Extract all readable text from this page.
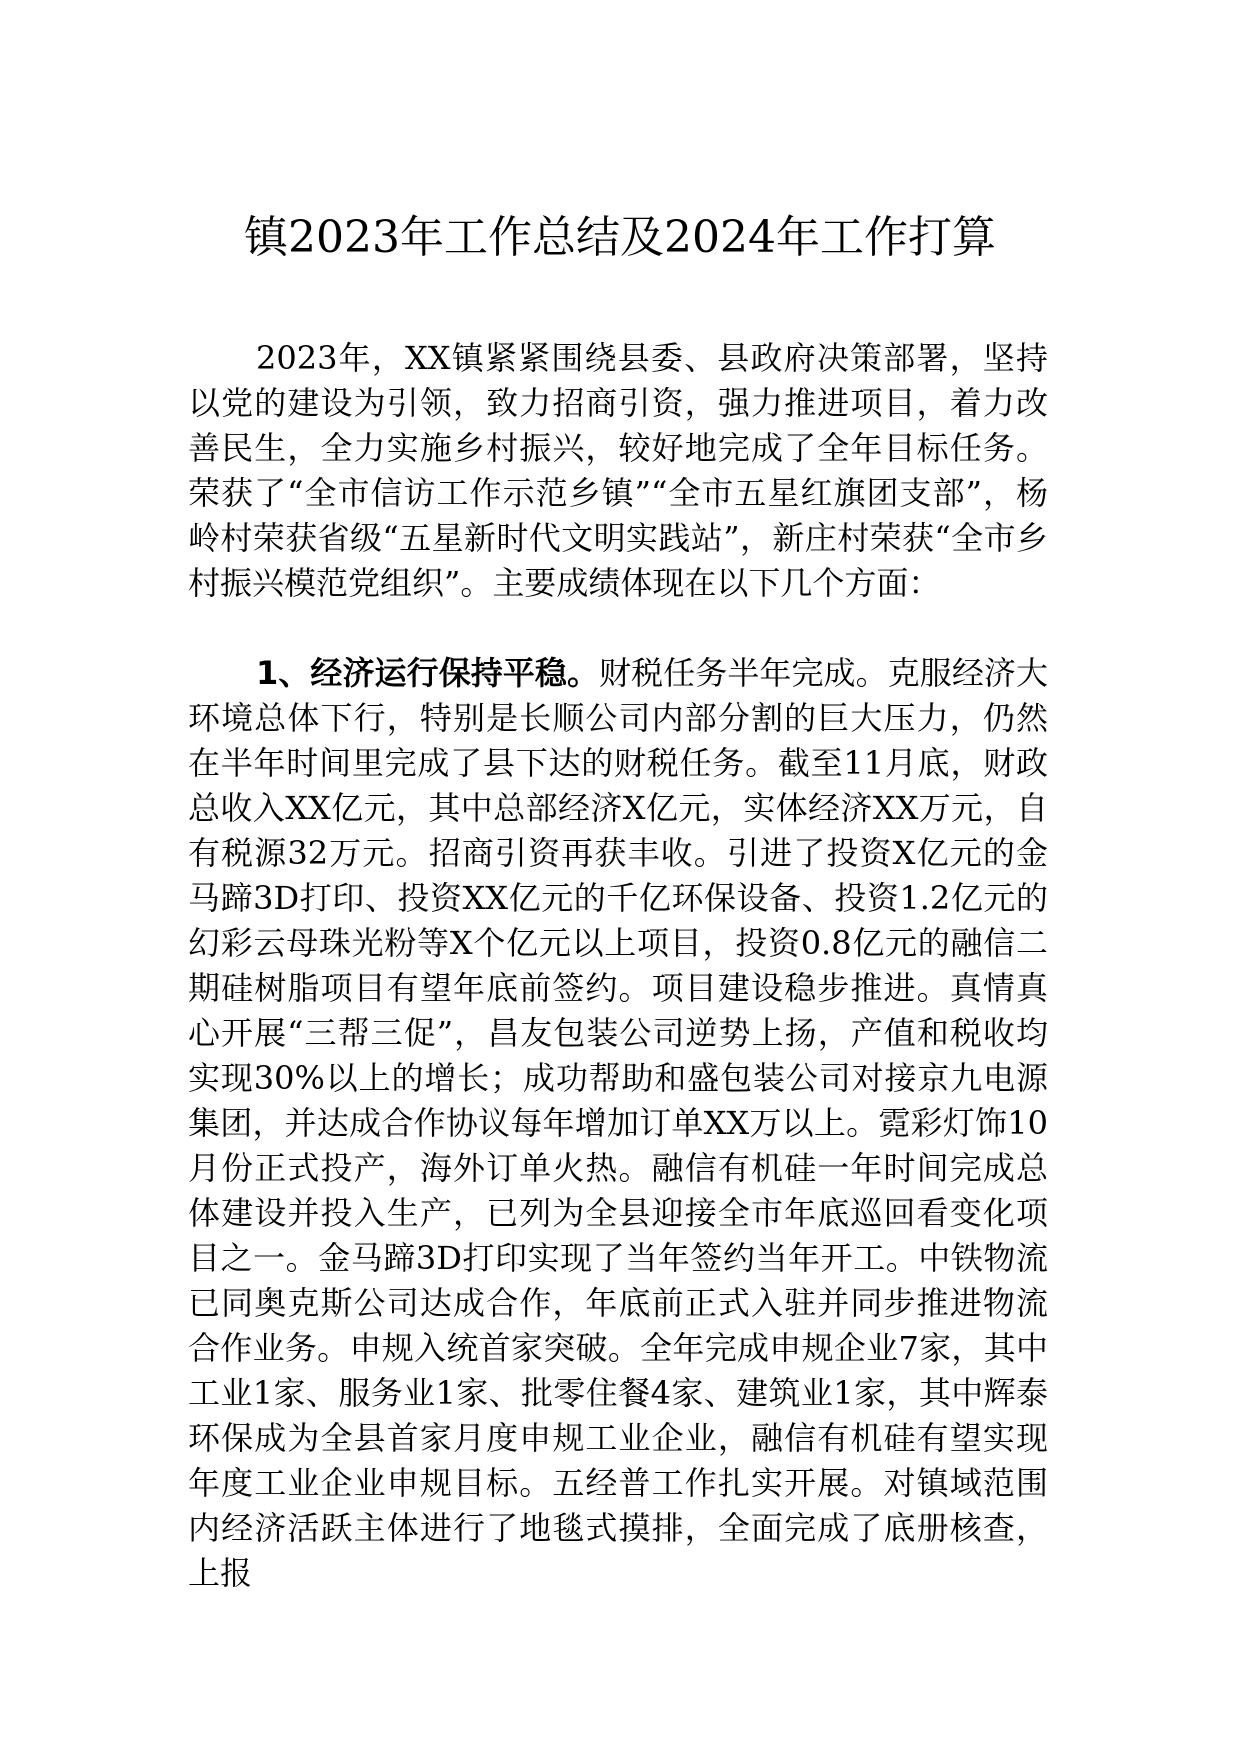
镇2023年工作总结及2024年工作打算
2023年，XX镇紧紧围绕县委、县政府决策部署，坚持以党的建设为引领，致力招商引资，强力推进项目，着力改善民生，全力实施乡村振兴，较好地完成了全年目标任务。荣获了“全市信访工作示范乡镇”“全市五星红旗团支部”，杨岭村荣获省级“五星新时代文明实践站”，新庄村荣获“全市乡村振兴模范党组织”。主要成绩体现在以下几个方面：
1、经济运行保持平稳。财税任务半年完成。克服经济大环境总体下行，特别是长顺公司内部分割的巨大压力，仍然在半年时间里完成了县下达的财税任务。截至11月底，财政总收入XX亿元，其中总部经济X亿元，实体经济XX万元，自有税源32万元。招商引资再获丰收。引进了投资X亿元的金马蹄3D打印、投资XX亿元的千亿环保设备、投资1.2亿元的幻彩云母珠光粉等X个亿元以上项目，投资0.8亿元的融信二期硅树脂项目有望年底前签约。项目建设稳步推进。真情真心开展“三帮三促”，昌友包装公司逆势上扬，产值和税收均实现30%以上的增长；成功帮助和盛包装公司对接京九电源集团，并达成合作协议每年增加订单XX万以上。霓彩灯饰10月份正式投产，海外订单火热。融信有机硅一年时间完成总体建设并投入生产，已列为全县迎接全市年底巡回看变化项目之一。金马蹄3D打印实现了当年签约当年开工。中铁物流已同奥克斯公司达成合作，年底前正式入驻并同步推进物流合作业务。申规入统首家突破。全年完成申规企业7家，其中工业1家、服务业1家、批零住餐4家、建筑业1家，其中辉泰环保成为全县首家月度申规工业企业，融信有机硅有望实现年度工业企业申规目标。五经普工作扎实开展。对镇域范围内经济活跃主体进行了地毯式摸排，全面完成了底册核查，上报
